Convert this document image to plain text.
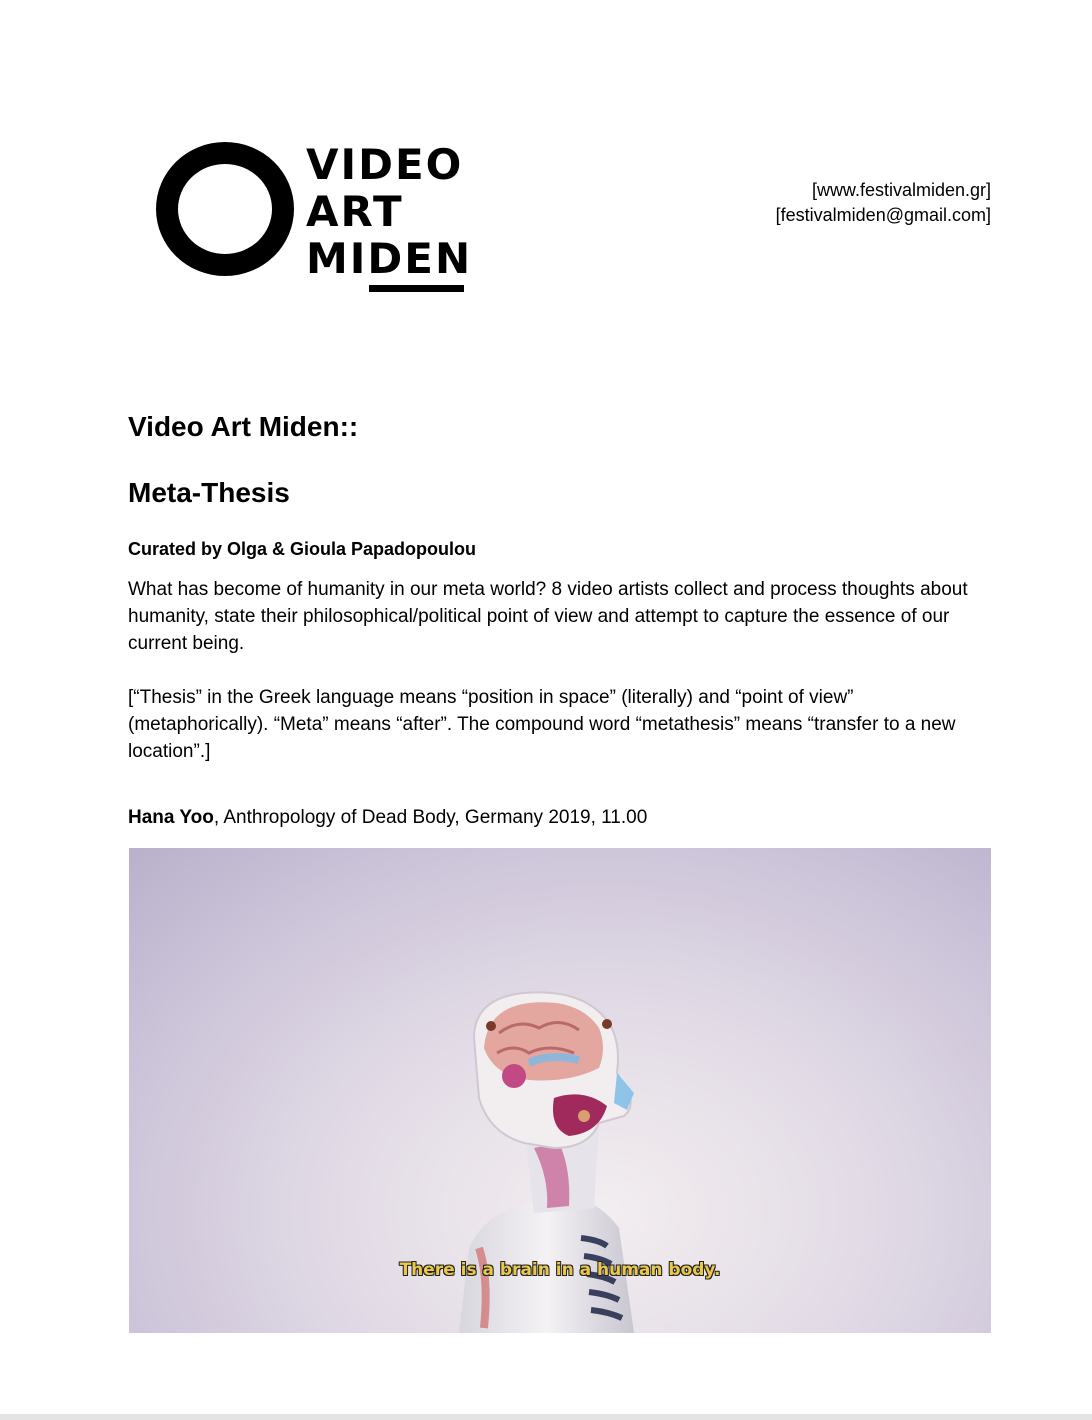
VIDEO
ART
MIDEN
[www.festivalmiden.gr]
[festivalmiden@gmail.com]
Video Art Miden::
Meta-Thesis
Curated by Olga & Gioula Papadopoulou
What has become of humanity in our meta world? 8 video artists collect and process thoughts about humanity, state their philosophical/political point of view and attempt to capture the essence of our current being.
[“Thesis” in the Greek language means “position in space” (literally) and “point of view” (metaphorically). “Meta” means “after”. The compound word “metathesis” means “transfer to a new location”.]
Hana Yoo, Anthropology of Dead Body, Germany 2019, 11.00
There is a brain in a human body.
